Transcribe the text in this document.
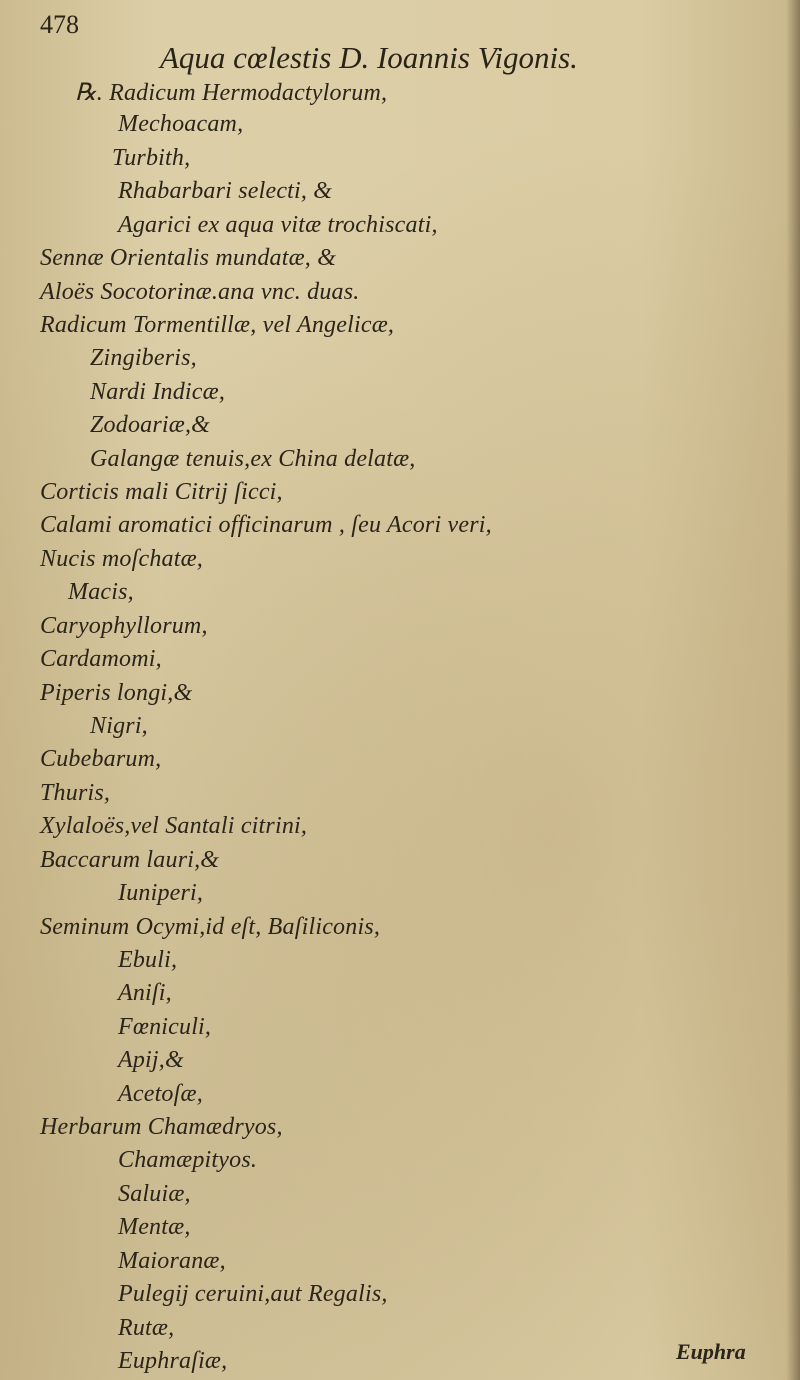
478
Aqua cœlestis D. Ioannis Vigonis.
℞. Radicum Hermodactylorum,
Mechoacam,
Turbith,
Rhabarbari selecti, &
Agarici ex aqua vitæ trochiscati,
Sennæ Orientalis mundatæ, &
Aloës Socotorinæ.ana vnc. duas.
Radicum Tormentillæ, vel Angelicæ,
Zingiberis,
Nardi Indicæ,
Zodoariæ,&
Galangæ tenuis,ex China delatæ,
Corticis mali Citrij ſicci,
Calami aromatici officinarum , ſeu Acori veri,
Nucis moſchatæ,
Macis,
Caryophyllorum,
Cardamomi,
Piperis longi,&
Nigri,
Cubebarum,
Thuris,
Xylaloës,vel Santali citrini,
Baccarum lauri,&
Iuniperi,
Seminum Ocymi,id eſt, Baſiliconis,
Ebuli,
Aniſi,
Fœniculi,
Apij,&
Acetoſæ,
Herbarum Chamædryos,
Chamæpityos.
Saluiæ,
Mentæ,
Maioranæ,
Pulegij ceruini,aut Regalis,
Rutæ,
Euphraſiæ,	Euphra
